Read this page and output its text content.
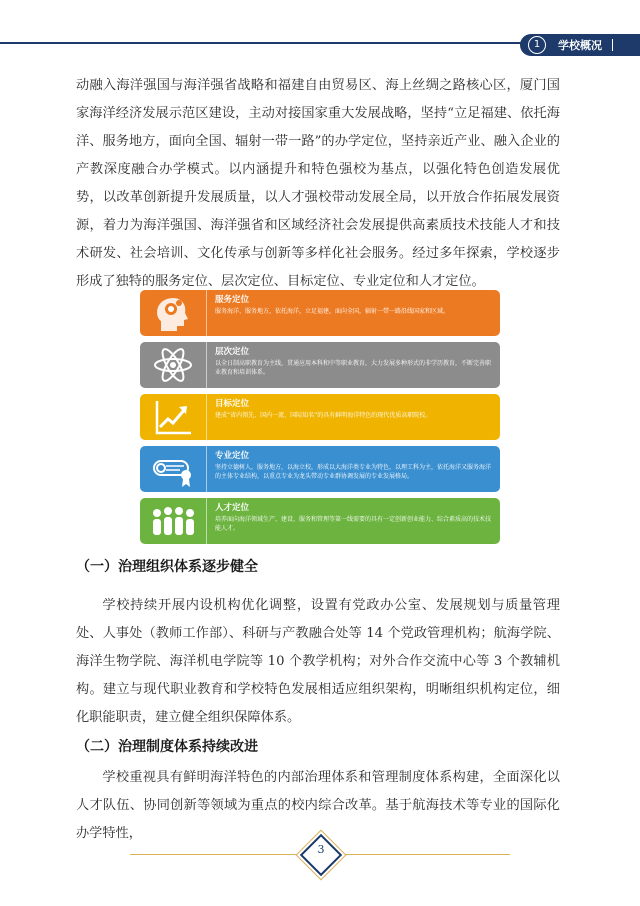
1	学校概况

动融入海洋强国与海洋强省战略和福建自由贸易区、海上丝绸之路核心区，厦门国家海洋经济发展示范区建设，主动对接国家重大发展战略，坚持“立足福建、依托海洋、服务地方，面向全国、辐射一带一路”的办学定位，坚持亲近产业、融入企业的产教深度融合办学模式。以内涵提升和特色强校为基点，以强化特色创造发展优势，以改革创新提升发展质量，以人才强校带动发展全局，以开放合作拓展发展资源，着力为海洋强国、海洋强省和区域经济社会发展提供高素质技术技能人才和技术研发、社会培训、文化传承与创新等多样化社会服务。经过多年探索，学校逐步形成了独特的服务定位、层次定位、目标定位、专业定位和人才定位。

服务定位
服务海洋、服务地方，依托海洋，立足福建，面向全国，辐射一带一路沿线国家和区域。
层次定位
以全日制高职教育为主线，贯通应用本科和中等职业教育，大力发展多种形式的非学历教育，不断完善职业教育和培训体系。
目标定位
建成“省内领先、国内一流、国际知名”的具有鲜明海洋特色的现代优质高职院校。
专业定位
坚持立德树人，服务地方，以海立校，形成以大海洋类专业为特色，以理工科为主，依托海洋又服务海洋的主体专业结构，以重点专业为龙头带动专业群协调发展的专业发展格局。
人才定位
培养面向海洋领域生产、建设、服务和管理等第一线需要的具有一定创新创业能力、综合素质高的技术技能人才。
（一）治理组织体系逐步健全

学校持续开展内设机构优化调整，设置有党政办公室、发展规划与质量管理处、人事处（教师工作部）、科研与产教融合处等 14 个党政管理机构；航海学院、海洋生物学院、海洋机电学院等 10 个教学机构；对外合作交流中心等 3 个教辅机构。建立与现代职业教育和学校特色发展相适应组织架构，明晰组织机构定位，细化职能职责，建立健全组织保障体系。

（二）治理制度体系持续改进

学校重视具有鲜明海洋特色的内部治理体系和管理制度体系构建，全面深化以人才队伍、协同创新等领域为重点的校内综合改革。基于航海技术等专业的国际化办学特性，

3
